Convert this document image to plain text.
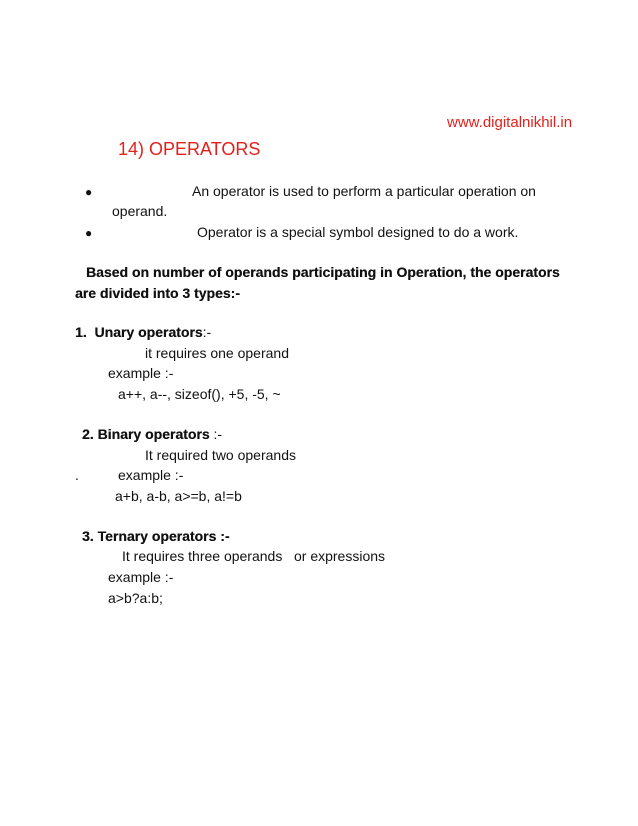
www.digitalnikhil.in
14) OPERATORS
●	An operator is used to perform a particular operation on
operand.
●	Operator is a special symbol designed to do a work.
Based on number of operands participating in Operation, the operators
are divided into 3 types:-
1.  Unary operators:-
it requires one operand
example :-
a++, a--, sizeof(), +5, -5, ~
2. Binary operators :-
It required two operands
.	example :-
a+b, a-b, a>=b, a!=b
3. Ternary operators :-
It requires three operands   or expressions
example :-
a>b?a:b;
